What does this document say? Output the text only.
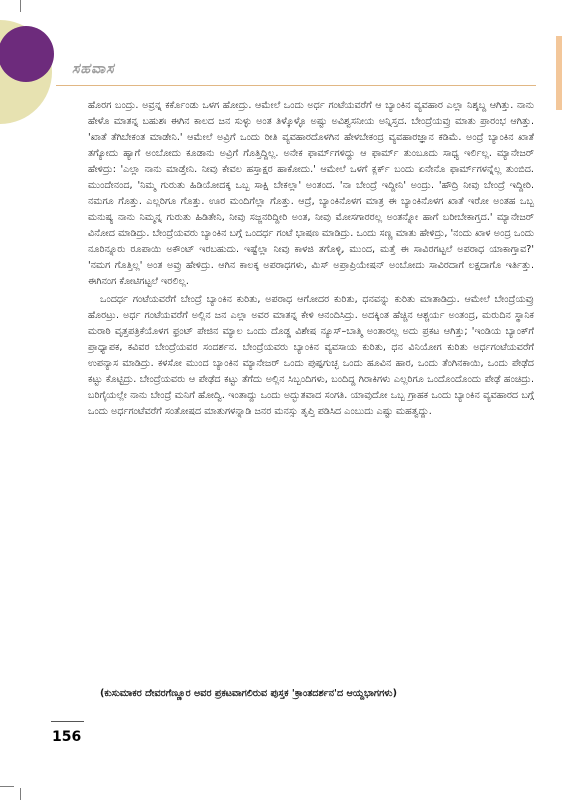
ಸಹವಾಸ

ಹೊರಗ ಬಂದ್ರು. ಅವ್ರನ್ನ ಕರ್ಕೊಂಡು ಒಳಗ ಹೋದ್ರು. ಆಮೇಲೆ ಒಂದು ಅರ್ಧ ಗಂಟೆಯವರೆಗೆ ಆ ಬ್ಯಾಂಕಿನ ವ್ಯವಹಾರ ಎಲ್ಲಾ ನಿಶ್ಶಬ್ದ ಆಗಿತ್ತು. ನಾನು ಹೇಳೊ ಮಾತನ್ನ ಬಹುಶಃ ಈಗಿನ ಕಾಲದ ಜನ ಸುಳ್ಳು ಅಂತ ತಿಳ್ಕೊಳ್ಳೊ ಅಷ್ಟು ಅವಿಶ್ವಸನೀಯ ಅನ್ನಿಸ್ತದ. ಬೇಂದ್ರೆಯವ್ರು ಮಾತು ಪ್ರಾರಂಭ ಆಗಿತ್ತು. 'ಖಾತೆ ತೆಗಿಬೇಕಂತ ಮಾಡೇನಿ.' ಆಮೇಲೆ ಅವ್ರಿಗೆ ಒಂದು ರೀತಿ ವ್ಯವಹಾರದೊಳಗಿನ ಹೇಳಬೇಕಂದ್ರ ವ್ಯವಹಾರಜ್ಞಾನ ಕಡಿಮೆ. ಅಂದ್ರೆ ಬ್ಯಾಂಕಿನ ಖಾತೆ ತಗ್ಯೋದು ಹ್ಯಾಗೆ ಅಂಬೋದು ಕೂಡಾನು ಅವ್ರಿಗೆ ಗೊತ್ತಿದ್ದಿಲ್ಲ. ಅನೇಕ ಫಾರ್ಮ್‌ಗಳಿದ್ದು ಆ ಫಾರ್ಮ್ ತುಂಬೂದು ಸಾಧ್ಯ ಇರ್ಲಿಲ್ಲ. ಮ್ಯಾನೇಜರ್ ಹೇಳಿದ್ರು: 'ಎಲ್ಲಾ ನಾನು ಮಾಡ್ತೇನಿ. ನೀವು ಕೇವಲ ಹಸ್ತಾಕ್ಷರ ಹಾಕೋದು.' ಆಮೇಲೆ ಒಳಗೆ ಕ್ಲರ್ಕ್ ಬಂದು ಏನೇನೊ ಫಾರ್ಮ್‌ಗಳನ್ನೆಲ್ಲ ತುಂಬಿದ. ಮುಂದೇನಂದ, 'ನಿಮ್ಮ ಗುರುತು ಹಿಡಿಯೋದಕ್ಕ ಒಬ್ಬ ಸಾಕ್ಷಿ ಬೇಕಲ್ಲಾ' ಅಂತಂದ. 'ನಾ ಬೇಂದ್ರೆ ಇದ್ದೀನಿ' ಅಂದ್ರು. 'ಹೌದ್ರಿ ನೀವು ಬೇಂದ್ರೆ ಇದ್ದೀರಿ. ನಮಗೂ ಗೊತ್ತು. ಎಲ್ಲರಿಗೂ ಗೊತ್ತು. ಊರ ಮಂದಿಗೆಲ್ಲಾ ಗೊತ್ತು. ಆದ್ರೆ, ಬ್ಯಾಂಕಿನೊಳಗ ಮಾತ್ರ ಈ ಬ್ಯಾಂಕಿನೊಳಗ ಖಾತೆ ಇರೋ ಅಂತಹ ಒಬ್ಬ ಮನುಷ್ಯ ನಾನು ನಿಮ್ಮನ್ನ ಗುರುತು ಹಿಡಿತೇನಿ, ನೀವು ಸಜ್ಜನರಿದ್ದೀರಿ ಅಂತ, ನೀವು ಮೋಸಗಾರರಲ್ಲ ಅಂತನ್ನೋ ಹಾಗೆ ಬರೀಬೇಕಾಗ್ತದ.' ಮ್ಯಾನೇಜರ್ ವಿನೋದ ಮಾಡಿದ್ರು. ಬೇಂದ್ರೆಯವರು ಬ್ಯಾಂಕಿನ ಬಗ್ಗೆ ಒಂದರ್ಧ ಗಂಟೆ ಭಾಷಣ ಮಾಡಿದ್ರು. ಒಂದು ಸಣ್ಣ ಮಾತು ಹೇಳಿದ್ರು, 'ನಂದು ಖಾಳ ಅಂದ್ರ ಒಂದು ನೂರಿನ್ನೂರು ರೂಪಾಯಿ ಅಕೌಂಟ್ ಇರಬಹುದು. ಇಷ್ಟೆಲ್ಲಾ ನೀವು ಕಾಳಜಿ ತಗೊಳ್ಳಿ, ಮುಂದ, ಮತ್ತೆ ಈ ಸಾವಿರಗಟ್ಟಲೆ ಅಪರಾಧ ಯಾಕಾಗ್ತಾವ?' 'ನಮಗ ಗೊತ್ತಿಲ್ಲ' ಅಂತ ಅವ್ರು ಹೇಳಿದ್ರು. ಆಗಿನ ಕಾಲಕ್ಕ ಅಪರಾಧಗಳು, ಮಿಸ್ ಅಪ್ರಾಪ್ರಿಯೇಷನ್ ಅಂಬೋದು ಸಾವಿರದಾಗೆ ಲಕ್ಷದಾಗೊ ಇರ್ತಿತ್ತು. ಈಗಿನಂಗ ಕೋಟಿಗಟ್ಟಲೆ ಇರಲಿಲ್ಲ.

ಒಂದರ್ಧ ಗಂಟೆಯವರೆಗೆ ಬೇಂದ್ರೆ ಬ್ಯಾಂಕಿನ ಕುರಿತು, ಅಪರಾಧ ಆಗೋದರ ಕುರಿತು, ಧನವನ್ನು ಕುರಿತು ಮಾತಾಡಿದ್ರು. ಆಮೇಲೆ ಬೇಂದ್ರೆಯವ್ರು ಹೊರಟ್ರು. ಅರ್ಧ ಗಂಟೆಯವರೆಗೆ ಅಲ್ಲಿನ ಜನ ಎಲ್ಲಾ ಅವರ ಮಾತನ್ನ ಕೇಳಿ ಆನಂದಿಸಿದ್ರು. ಅದಕ್ಕಿಂತ ಹೆಚ್ಚಿನ ಆಶ್ಚರ್ಯ ಅಂತಂದ್ರ, ಮರುದಿನ ಸ್ಥಾನಿಕ ಮರಾಠಿ ವೃತ್ತಪತ್ರಿಕೆಯೊಳಗ ಫ್ರಂಟ್ ಪೇಜಿನ ಮ್ಯಾಲ ಒಂದು ದೊಡ್ಡ ವಿಶೇಷ ನ್ಯೂಸ್–ಬಾತ್ಮಿ ಅಂತಾರಲ್ಲ ಅದು ಪ್ರಕಟ ಆಗಿತ್ತು; 'ಇಂಡಿಯ ಬ್ಯಾಂಕ್‌ಗೆ ಪ್ರಾಧ್ಯಾಪಕ, ಕವಿವರ ಬೇಂದ್ರೆಯವರ ಸಂದರ್ಶನ. ಬೇಂದ್ರೆಯವರು ಬ್ಯಾಂಕಿನ ವ್ಯವಸಾಯ ಕುರಿತು, ಧನ ವಿನಿಯೋಗ ಕುರಿತು ಅರ್ಧಗಂಟೆಯವರೆಗೆ ಉಪನ್ಯಾಸ ಮಾಡಿದ್ರು. ಕಳಸೋ ಮುಂದ ಬ್ಯಾಂಕಿನ ಮ್ಯಾನೇಜರ್ ಒಂದು ಪುಷ್ಪಗುಚ್ಛ ಒಂದು ಹೂವಿನ ಹಾರ, ಒಂದು ತೆಂಗಿನಕಾಯಿ, ಒಂದು ಪೇಢೆದ ಕಟ್ಟು ಕೊಟ್ಟಿದ್ರು. ಬೇಂದ್ರೆಯವರು ಆ ಪೇಢೆದ ಕಟ್ಟು ತೆಗೆದು ಅಲ್ಲಿನ ಸಿಬ್ಬಂದಿಗಳು, ಬಂದಿದ್ದ ಗಿರಾಕಿಗಳು ಎಲ್ಲರಿಗೂ ಒಂದೊಂದೊಂದು ಪೇಢೆ ಹಂಚಿದ್ರು. ಬರಿಗೈಯಲ್ಲೇ ನಾನು ಬೇಂದ್ರೆ ಮನಿಗೆ ಹೋದ್ವಿ. ಇಂತಾದ್ದು ಒಂದು ಅದ್ಭುತವಾದ ಸಂಗತಿ. ಯಾವುದೋ ಒಬ್ಬ ಗ್ರಾಹಕ ಒಂದು ಬ್ಯಾಂಕಿನ ವ್ಯವಹಾರದ ಬಗ್ಗೆ ಒಂದು ಅರ್ಧಗಂಟೆವರೆಗೆ ಸಂತೋಷದ ಮಾತುಗಳನ್ನಾಡಿ ಜನರ ಮನಸ್ಸು ತೃಪ್ತಿ ಪಡಿಸಿದ ಎಂಬುದು ಎಷ್ಟು ಮಹತ್ವದ್ದು.

(ಕುಸುಮಾಕರ ದೇವರಗೆಣ್ಣೂರ ಅವರ ಪ್ರಕಟವಾಗಲಿರುವ ಪುಸ್ತಕ 'ಕ್ರಾಂತದರ್ಶನ'ದ ಆಯ್ದಭಾಗಗಳು)
156
